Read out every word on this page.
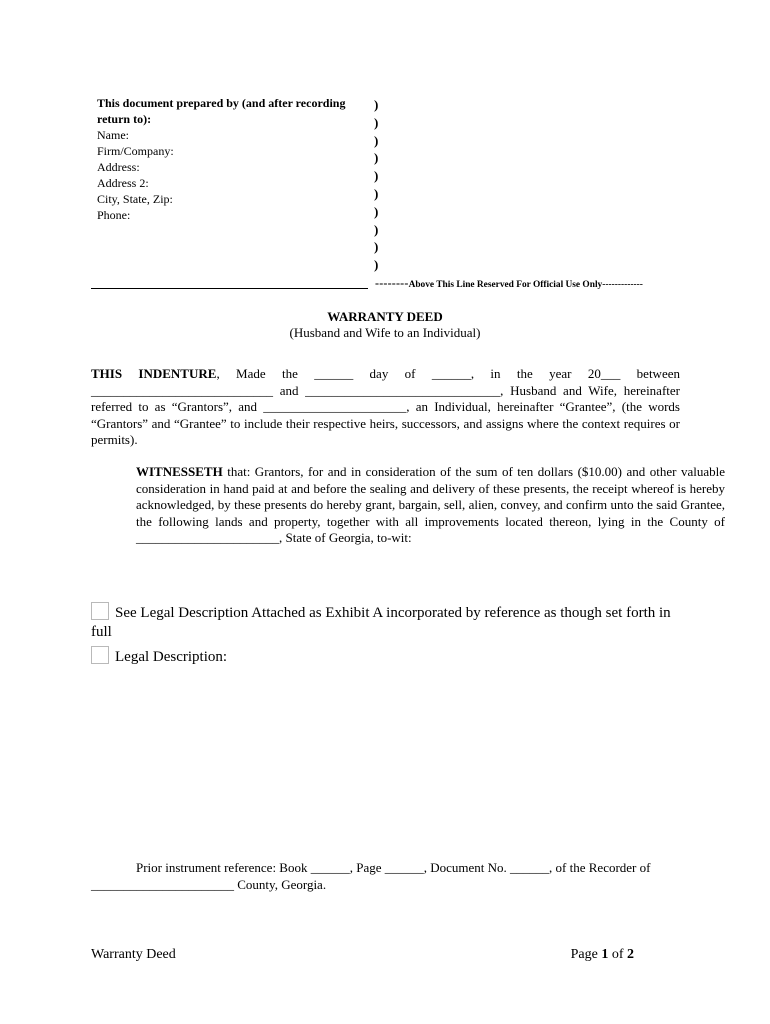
This document prepared by (and after recording return to):
Name:
Firm/Company:
Address:
Address 2:
City, State, Zip:
Phone:
)
)
)
)
)
)
)
)
)
)
--------Above This Line Reserved For Official Use Only-------------
WARRANTY DEED
(Husband and Wife to an Individual)
THIS INDENTURE, Made the ______ day of ______, in the year 20___ between ____________________________ and ______________________________, Husband and Wife, hereinafter referred to as “Grantors”, and ______________________, an Individual, hereinafter “Grantee”, (the words “Grantors” and “Grantee” to include their respective heirs, successors, and assigns where the context requires or permits).
WITNESSETH that: Grantors, for and in consideration of the sum of ten dollars ($10.00) and other valuable consideration in hand paid at and before the sealing and delivery of these presents, the receipt whereof is hereby acknowledged, by these presents do hereby grant, bargain, sell, alien, convey, and confirm unto the said Grantee, the following lands and property, together with all improvements located thereon, lying in the County of ______________________, State of Georgia, to-wit:
See Legal Description Attached as Exhibit A incorporated by reference as though set forth in full
Legal Description:
Prior instrument reference: Book ______, Page ______, Document No. ______, of the Recorder of
______________________ County, Georgia.
Warranty Deed	Page 1 of 2
